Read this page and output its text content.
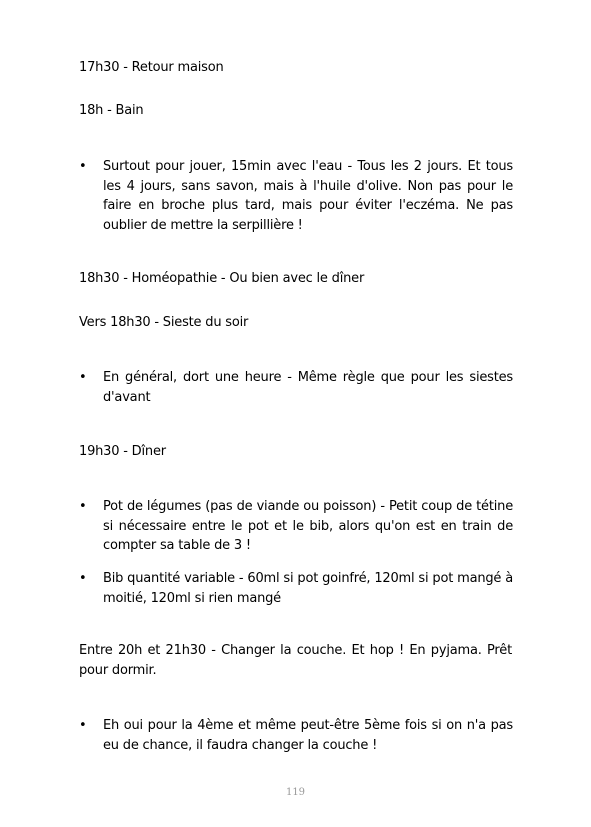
17h30 - Retour maison
18h - Bain
• Surtout pour jouer, 15min avec l'eau - Tous les 2 jours. Et tous les 4 jours, sans savon, mais à l'huile d'olive. Non pas pour le faire en broche plus tard, mais pour éviter l'eczéma. Ne pas oublier de mettre la serpillière !
18h30 - Homéopathie - Ou bien avec le dîner
Vers 18h30 - Sieste du soir
• En général, dort une heure - Même règle que pour les siestes d'avant
19h30 - Dîner
• Pot de légumes (pas de viande ou poisson) - Petit coup de tétine si nécessaire entre le pot et le bib, alors qu'on est en train de compter sa table de 3 !
• Bib quantité variable - 60ml si pot goinfré, 120ml si pot mangé à moitié, 120ml si rien mangé
Entre 20h et 21h30 - Changer la couche. Et hop ! En pyjama. Prêt pour dormir.
• Eh oui pour la 4ème et même peut-être 5ème fois si on n'a pas eu de chance, il faudra changer la couche !
119
